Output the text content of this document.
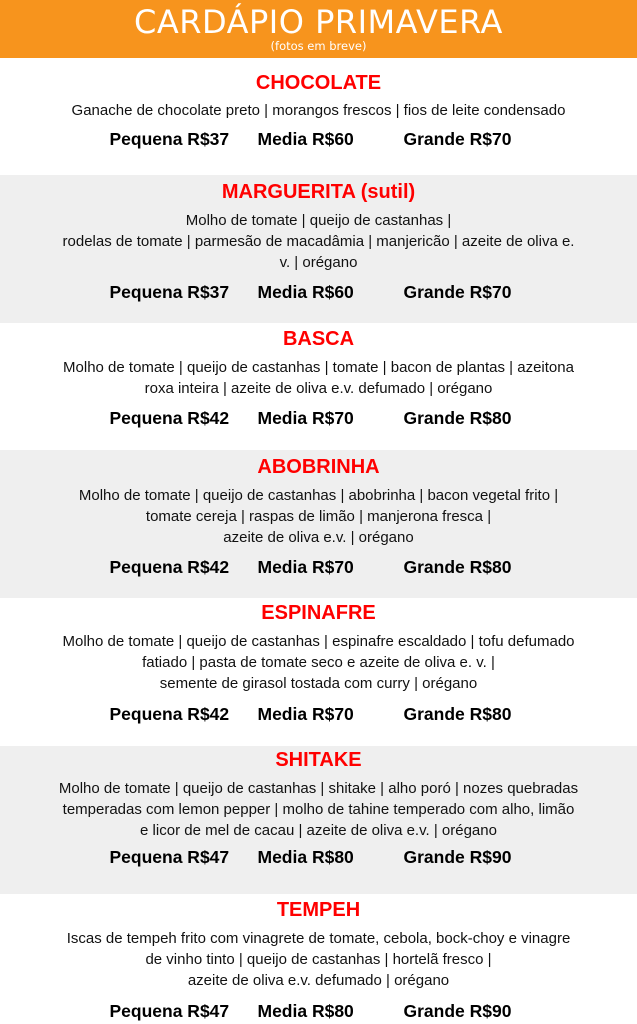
CARDÁPIO PRIMAVERA
(fotos em breve)
CHOCOLATE
Ganache de chocolate preto | morangos frescos | fios de leite condensado
Pequena R$37	Media R$60	Grande R$70
MARGUERITA (sutil)
Molho de tomate | queijo de castanhas |
rodelas de tomate | parmesão de macadâmia | manjericão | azeite de oliva e.
v. | orégano
Pequena R$37	Media R$60	Grande R$70
BASCA
Molho de tomate | queijo de castanhas | tomate | bacon de plantas | azeitona
roxa inteira | azeite de oliva e.v. defumado | orégano
Pequena R$42	Media R$70	Grande R$80
ABOBRINHA
Molho de tomate | queijo de castanhas | abobrinha | bacon vegetal frito |
tomate cereja | raspas de limão | manjerona fresca |
azeite de oliva e.v. | orégano
Pequena R$42	Media R$70	Grande R$80
ESPINAFRE
Molho de tomate | queijo de castanhas | espinafre escaldado | tofu defumado
fatiado | pasta de tomate seco e azeite de oliva e. v. |
semente de girasol tostada com curry | orégano
Pequena R$42	Media R$70	Grande R$80
SHITAKE
Molho de tomate | queijo de castanhas | shitake | alho poró | nozes quebradas
temperadas com lemon pepper | molho de tahine temperado com alho, limão
e licor de mel de cacau | azeite de oliva e.v. | orégano
Pequena R$47	Media R$80	Grande R$90
TEMPEH
Iscas de tempeh frito com vinagrete de tomate, cebola, bock-choy e vinagre
de vinho tinto | queijo de castanhas | hortelã fresco |
azeite de oliva e.v. defumado | orégano
Pequena R$47	Media R$80	Grande R$90
